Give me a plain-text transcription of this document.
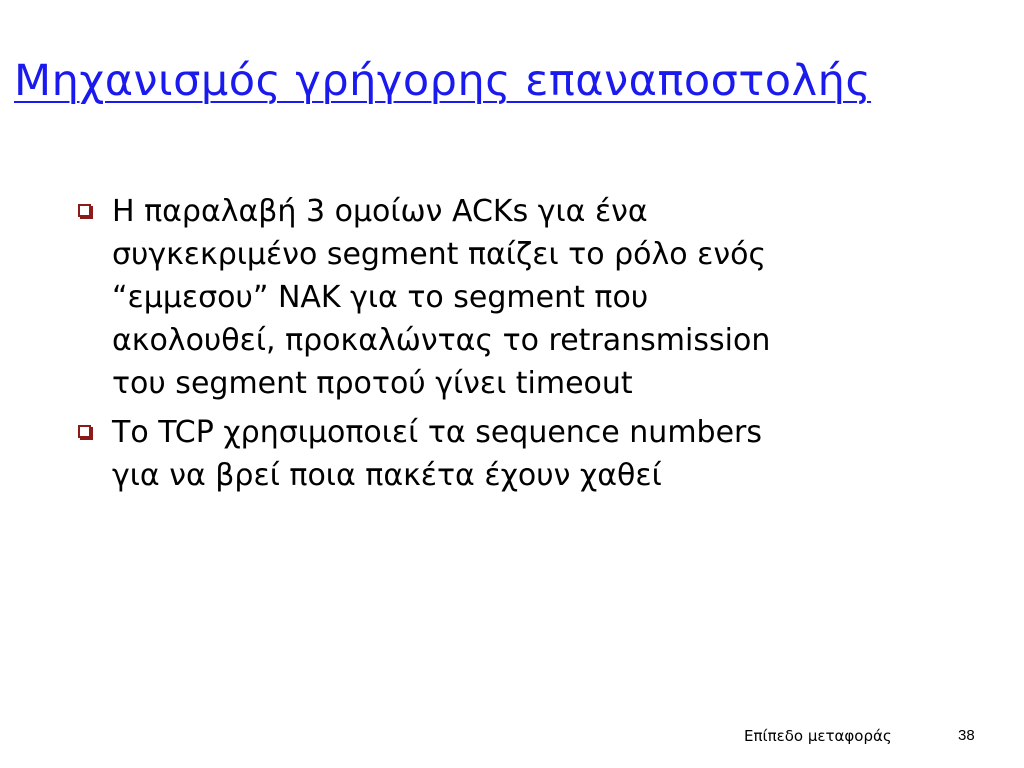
Μηχανισμός γρήγορης επαναποστολής
Η παραλαβή 3 ομοίων ACKs για ένα
συγκεκριμένο segment παίζει το ρόλο ενός
“εμμεσου” NAK για το segment που
ακολουθεί, προκαλώντας το retransmission
του segment προτού γίνει timeout
Το TCP χρησιμοποιεί τα sequence numbers
για να βρεί ποια πακέτα έχουν χαθεί
Επίπεδο μεταφοράς	38
